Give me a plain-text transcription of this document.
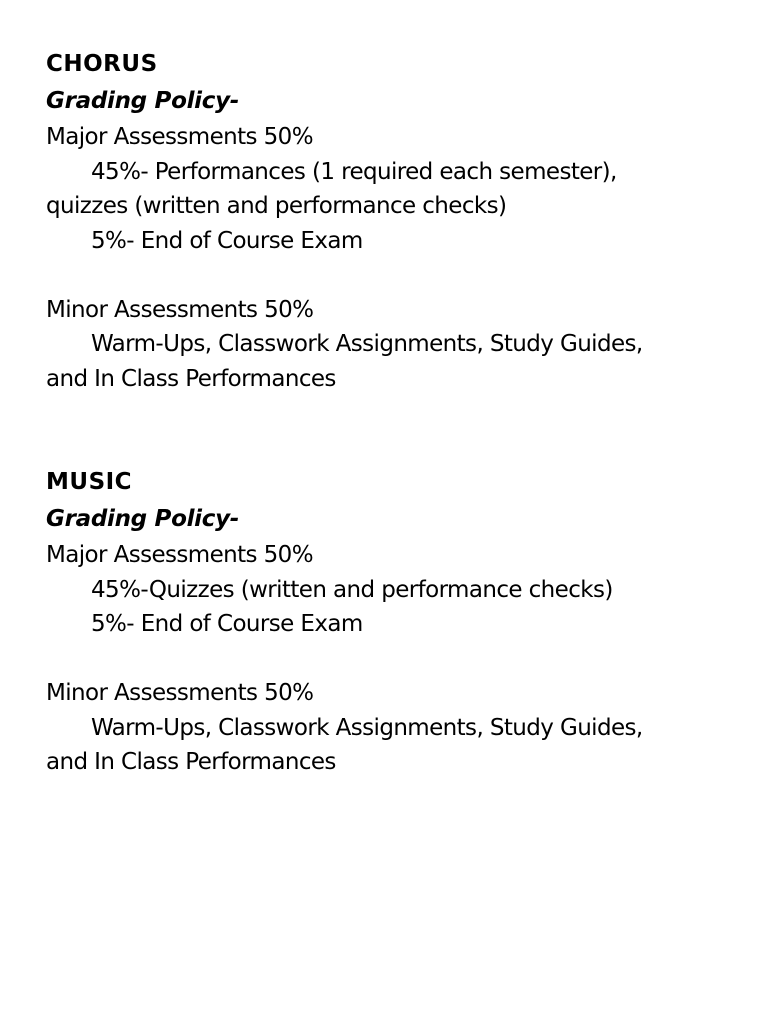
CHORUS
Grading Policy-
Major Assessments 50%
45%- Performances (1 required each semester),
quizzes (written and performance checks)
5%- End of Course Exam
Minor Assessments 50%
Warm-Ups, Classwork Assignments, Study Guides,
and In Class Performances
MUSIC
Grading Policy-
Major Assessments 50%
45%-Quizzes (written and performance checks)
5%- End of Course Exam
Minor Assessments 50%
Warm-Ups, Classwork Assignments, Study Guides,
and In Class Performances
